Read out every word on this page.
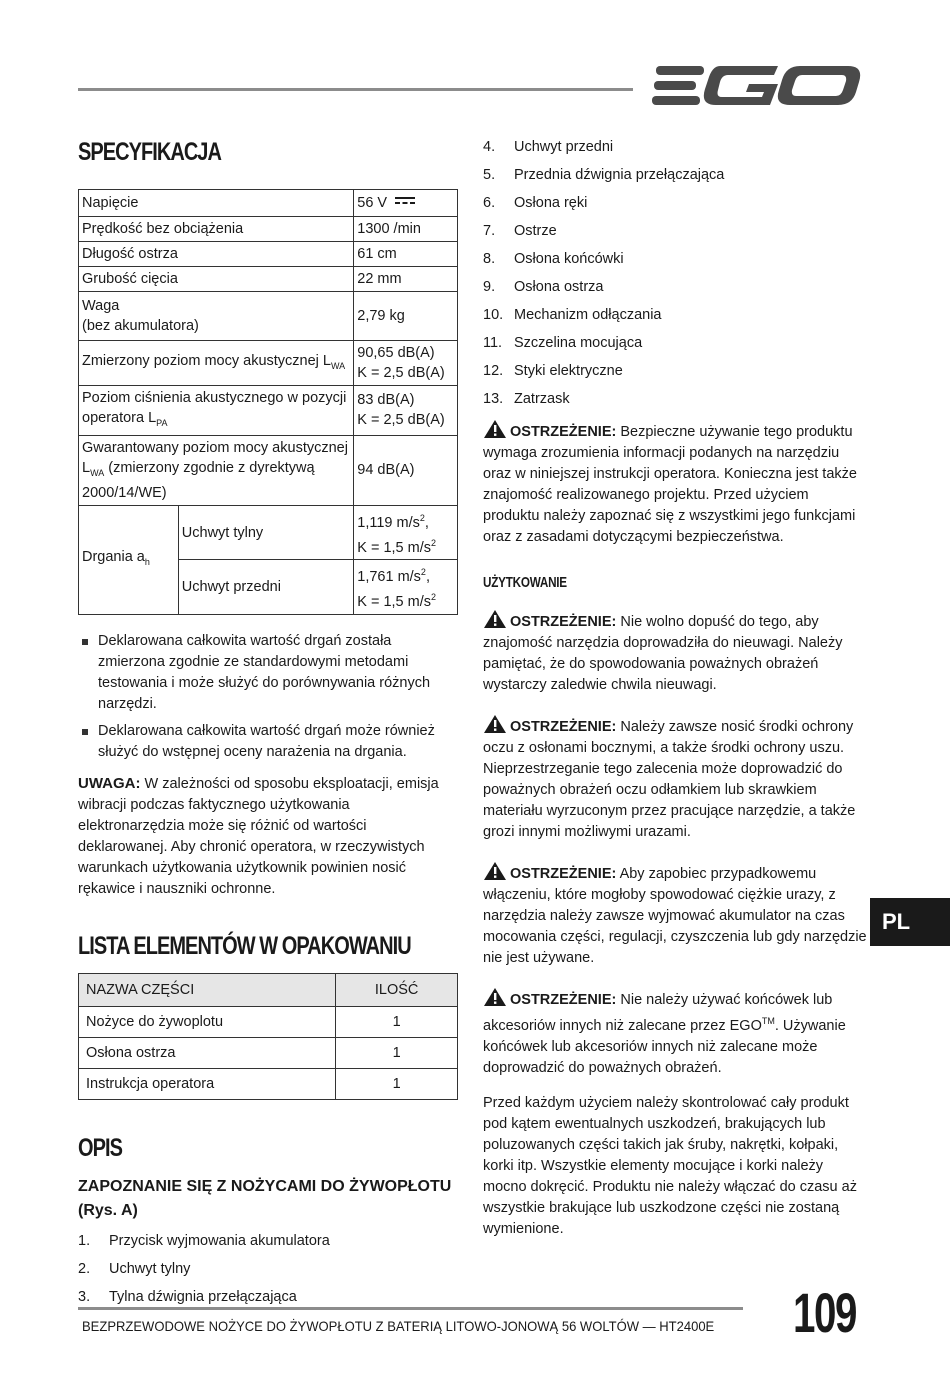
SPECYFIKACJA
Napięcie		56 V
Prędkość bez obciążenia		1300 /min
Długość ostrza		61 cm
Grubość cięcia		22 mm
Waga
(bez akumulatora)		2,79 kg
Zmierzony poziom mocy akustycznej $L_{WA}$		90,65 dB(A)
K = 2,5 dB(A)
Poziom ciśnienia akustycznego w pozycji
operatora $L_{PA}$		83 dB(A)
K = 2,5 dB(A)
Gwarantowany poziom mocy akustycznej
$L_{WA}$ (zmierzony zgodnie z dyrektywą
2000/14/WE)		94 dB(A)
Drgania $a_h$	Uchwyt tylny	1,119 $m/s^2$,
K = 1,5 $m/s^2$
	Uchwyt przedni	1,761 $m/s^2$,
K = 1,5 $m/s^2$
Deklarowana całkowita wartość drgań została zmierzona zgodnie ze standardowymi metodami testowania i może służyć do porównywania różnych narzędzi.
Deklarowana całkowita wartość drgań może również służyć do wstępnej oceny narażenia na drgania.

UWAGA: W zależności od sposobu eksploatacji, emisja wibracji podczas faktycznego użytkowania elektronarzędzia może się różnić od wartości deklarowanej. Aby chronić operatora, w rzeczywistych warunkach użytkowania użytkownik powinien nosić rękawice i nauszniki ochronne.

LISTA ELEMENTÓW W OPAKOWANIU
NAZWA CZĘŚCI	ILOŚĆ
Nożyce do żywoplotu	1
Osłona ostrza	1
Instrukcja operatora	1
OPIS
ZAPOZNANIE SIĘ Z NOŻYCAMI DO ŻYWOPŁOTU
(Rys. A)
1.	Przycisk wyjmowania akumulatora
2.	Uchwyt tylny
3.	Tylna dźwignia przełączająca
4.	Uchwyt przedni
5.	Przednia dźwignia przełączająca
6.	Osłona ręki
7.	Ostrze
8.	Osłona końcówki
9.	Osłona ostrza
10. Mechanizm odłączania
11. Szczelina mocująca
12. Styki elektryczne
13. Zatrzask

OSTRZEŻENIE: Bezpieczne używanie tego produktu wymaga zrozumienia informacji podanych na narzędziu oraz w niniejszej instrukcji operatora. Konieczna jest także znajomość realizowanego projektu. Przed użyciem produktu należy zapoznać się z wszystkimi jego funkcjami oraz z zasadami dotyczącymi bezpieczeństwa.

UŻYTKOWANIE

OSTRZEŻENIE: Nie wolno dopuść do tego, aby znajomość narzędzia doprowadziła do nieuwagi. Należy pamiętać, że do spowodowania poważnych obrażeń wystarczy zaledwie chwila nieuwagi.

OSTRZEŻENIE: Należy zawsze nosić środki ochrony oczu z osłonami bocznymi, a także środki ochrony uszu. Nieprzestrzeganie tego zalecenia może doprowadzić do poważnych obrażeń oczu odłamkiem lub skrawkiem materiału wyrzuconym przez pracujące narzędzie, a także grozi innymi możliwymi urazami.

OSTRZEŻENIE: Aby zapobiec przypadkowemu włączeniu, które mogłoby spowodować ciężkie urazy, z narzędzia należy zawsze wyjmować akumulator na czas mocowania części, regulacji, czyszczenia lub gdy narzędzie nie jest używane.

OSTRZEŻENIE: Nie należy używać końcówek lub akcesoriów innych niż zalecane przez EGO™. Używanie końcówek lub akcesoriów innych niż zalecane może doprowadzić do poważnych obrażeń.

Przed każdym użyciem należy skontrolować cały produkt pod kątem ewentualnych uszkodzeń, brakujących lub poluzowanych części takich jak śruby, nakrętki, kołpaki, korki itp. Wszystkie elementy mocujące i korki należy mocno dokręcić. Produktu nie należy włączać do czasu aż wszystkie brakujące lub uszkodzone części nie zostaną wymienione.

PL
BEZPRZEWODOWE NOŻYCE DO ŻYWOPŁOTU Z BATERIĄ LITOWO-JONOWĄ 56 WOLTÓW — HT2400E 109
